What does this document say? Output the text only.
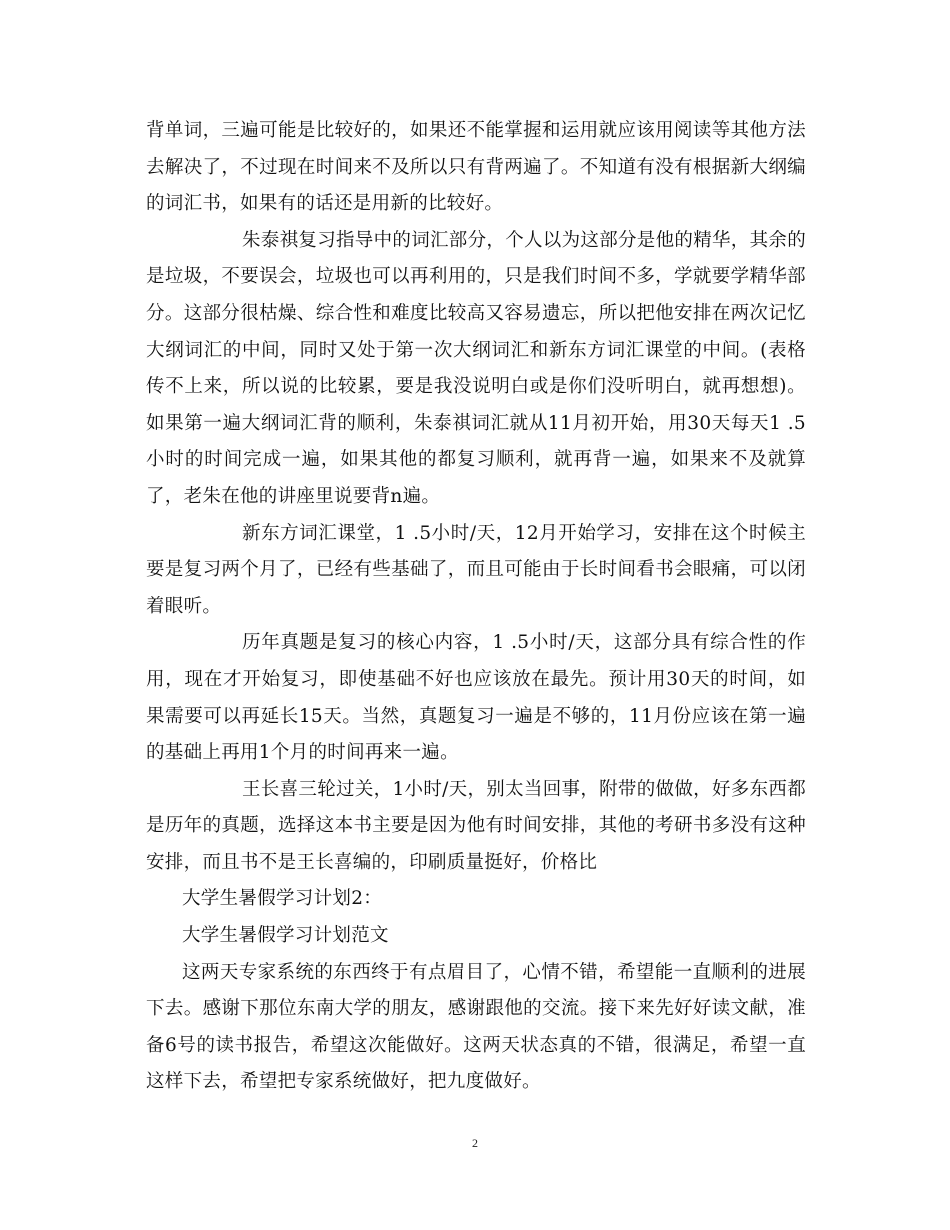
背单词，三遍可能是比较好的，如果还不能掌握和运用就应该用阅读等其他方法去解决了，不过现在时间来不及所以只有背两遍了。不知道有没有根据新大纲编的词汇书，如果有的话还是用新的比较好。

朱泰祺复习指导中的词汇部分，个人以为这部分是他的精华，其余的是垃圾，不要误会，垃圾也可以再利用的，只是我们时间不多，学就要学精华部分。这部分很枯燥、综合性和难度比较高又容易遗忘，所以把他安排在两次记忆大纲词汇的中间，同时又处于第一次大纲词汇和新东方词汇课堂的中间。(表格传不上来，所以说的比较累，要是我没说明白或是你们没听明白，就再想想)。如果第一遍大纲词汇背的顺利，朱泰祺词汇就从11月初开始，用30天每天1 .5小时的时间完成一遍，如果其他的都复习顺利，就再背一遍，如果来不及就算了，老朱在他的讲座里说要背n遍。

新东方词汇课堂，1 .5小时/天，12月开始学习，安排在这个时候主要是复习两个月了，已经有些基础了，而且可能由于长时间看书会眼痛，可以闭着眼听。

历年真题是复习的核心内容，1 .5小时/天，这部分具有综合性的作用，现在才开始复习，即使基础不好也应该放在最先。预计用30天的时间，如果需要可以再延长15天。当然，真题复习一遍是不够的，11月份应该在第一遍的基础上再用1个月的时间再来一遍。

王长喜三轮过关，1小时/天，别太当回事，附带的做做，好多东西都是历年的真题，选择这本书主要是因为他有时间安排，其他的考研书多没有这种安排，而且书不是王长喜编的，印刷质量挺好，价格比

大学生暑假学习计划2：

大学生暑假学习计划范文

这两天专家系统的东西终于有点眉目了，心情不错，希望能一直顺利的进展下去。感谢下那位东南大学的朋友，感谢跟他的交流。接下来先好好读文献，准备6号的读书报告，希望这次能做好。这两天状态真的不错，很满足，希望一直这样下去，希望把专家系统做好，把九度做好。

2
